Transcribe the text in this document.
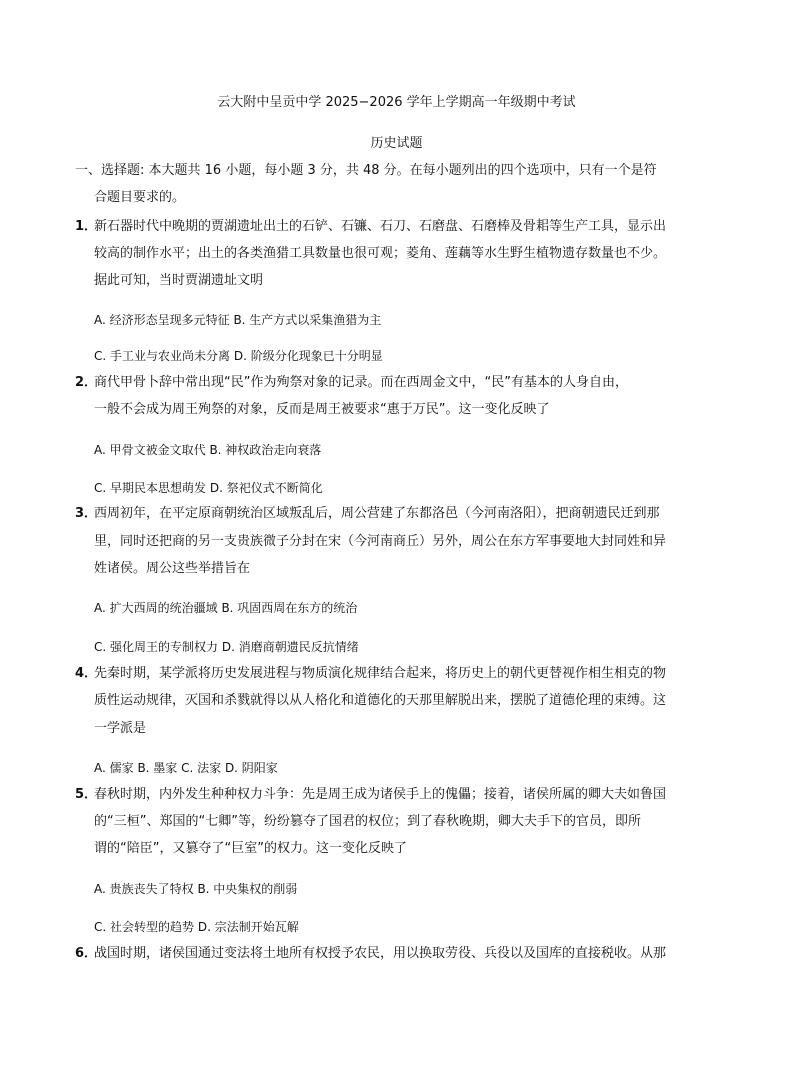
云大附中呈贡中学 2025−2026 学年上学期高一年级期中考试
历史试题
一、选择题: 本大题共 16 小题，每小题 3 分，共 48 分。在每小题列出的四个选项中，只有一个是符
合题目要求的。
1．
新石器时代中晚期的贾湖遗址出土的石铲、石镰、石刀、石磨盘、石磨棒及骨耜等生产工具，显示出
较高的制作水平；出土的各类渔猎工具数量也很可观；菱角、莲藕等水生野生植物遗存数量也不少。
据此可知，当时贾湖遗址文明
A. 经济形态呈现多元特征 B. 生产方式以采集渔猎为主
C. 手工业与农业尚未分离 D. 阶级分化现象已十分明显
2．
商代甲骨卜辞中常出现“民”作为殉祭对象的记录。而在西周金文中，“民”有基本的人身自由，
一般不会成为周王殉祭的对象，反而是周王被要求“惠于万民”。这一变化反映了
A. 甲骨文被金文取代 B. 神权政治走向衰落
C. 早期民本思想萌发 D. 祭祀仪式不断简化
3．
西周初年，在平定原商朝统治区域叛乱后，周公营建了东都洛邑（今河南洛阳），把商朝遗民迁到那
里，同时还把商的另一支贵族微子分封在宋（今河南商丘）另外，周公在东方军事要地大封同姓和异
姓诸侯。周公这些举措旨在
A. 扩大西周的统治疆域 B. 巩固西周在东方的统治
C. 强化周王的专制权力 D. 消磨商朝遗民反抗情绪
4．
先秦时期，某学派将历史发展进程与物质演化规律结合起来，将历史上的朝代更替视作相生相克的物
质性运动规律，灭国和杀戮就得以从人格化和道德化的天那里解脱出来，摆脱了道德伦理的束缚。这
一学派是
A. 儒家 B. 墨家 C. 法家 D. 阴阳家
5．
春秋时期，内外发生种种权力斗争：先是周王成为诸侯手上的傀儡；接着，诸侯所属的卿大夫如鲁国
的“三桓”、郑国的“七卿”等，纷纷篡夺了国君的权位；到了春秋晚期，卿大夫手下的官员，即所
谓的“陪臣”，又篡夺了“巨室”的权力。这一变化反映了
A. 贵族丧失了特权 B. 中央集权的削弱
C. 社会转型的趋势 D. 宗法制开始瓦解
6．
战国时期，诸侯国通过变法将土地所有权授予农民，用以换取劳役、兵役以及国库的直接税收。从那
